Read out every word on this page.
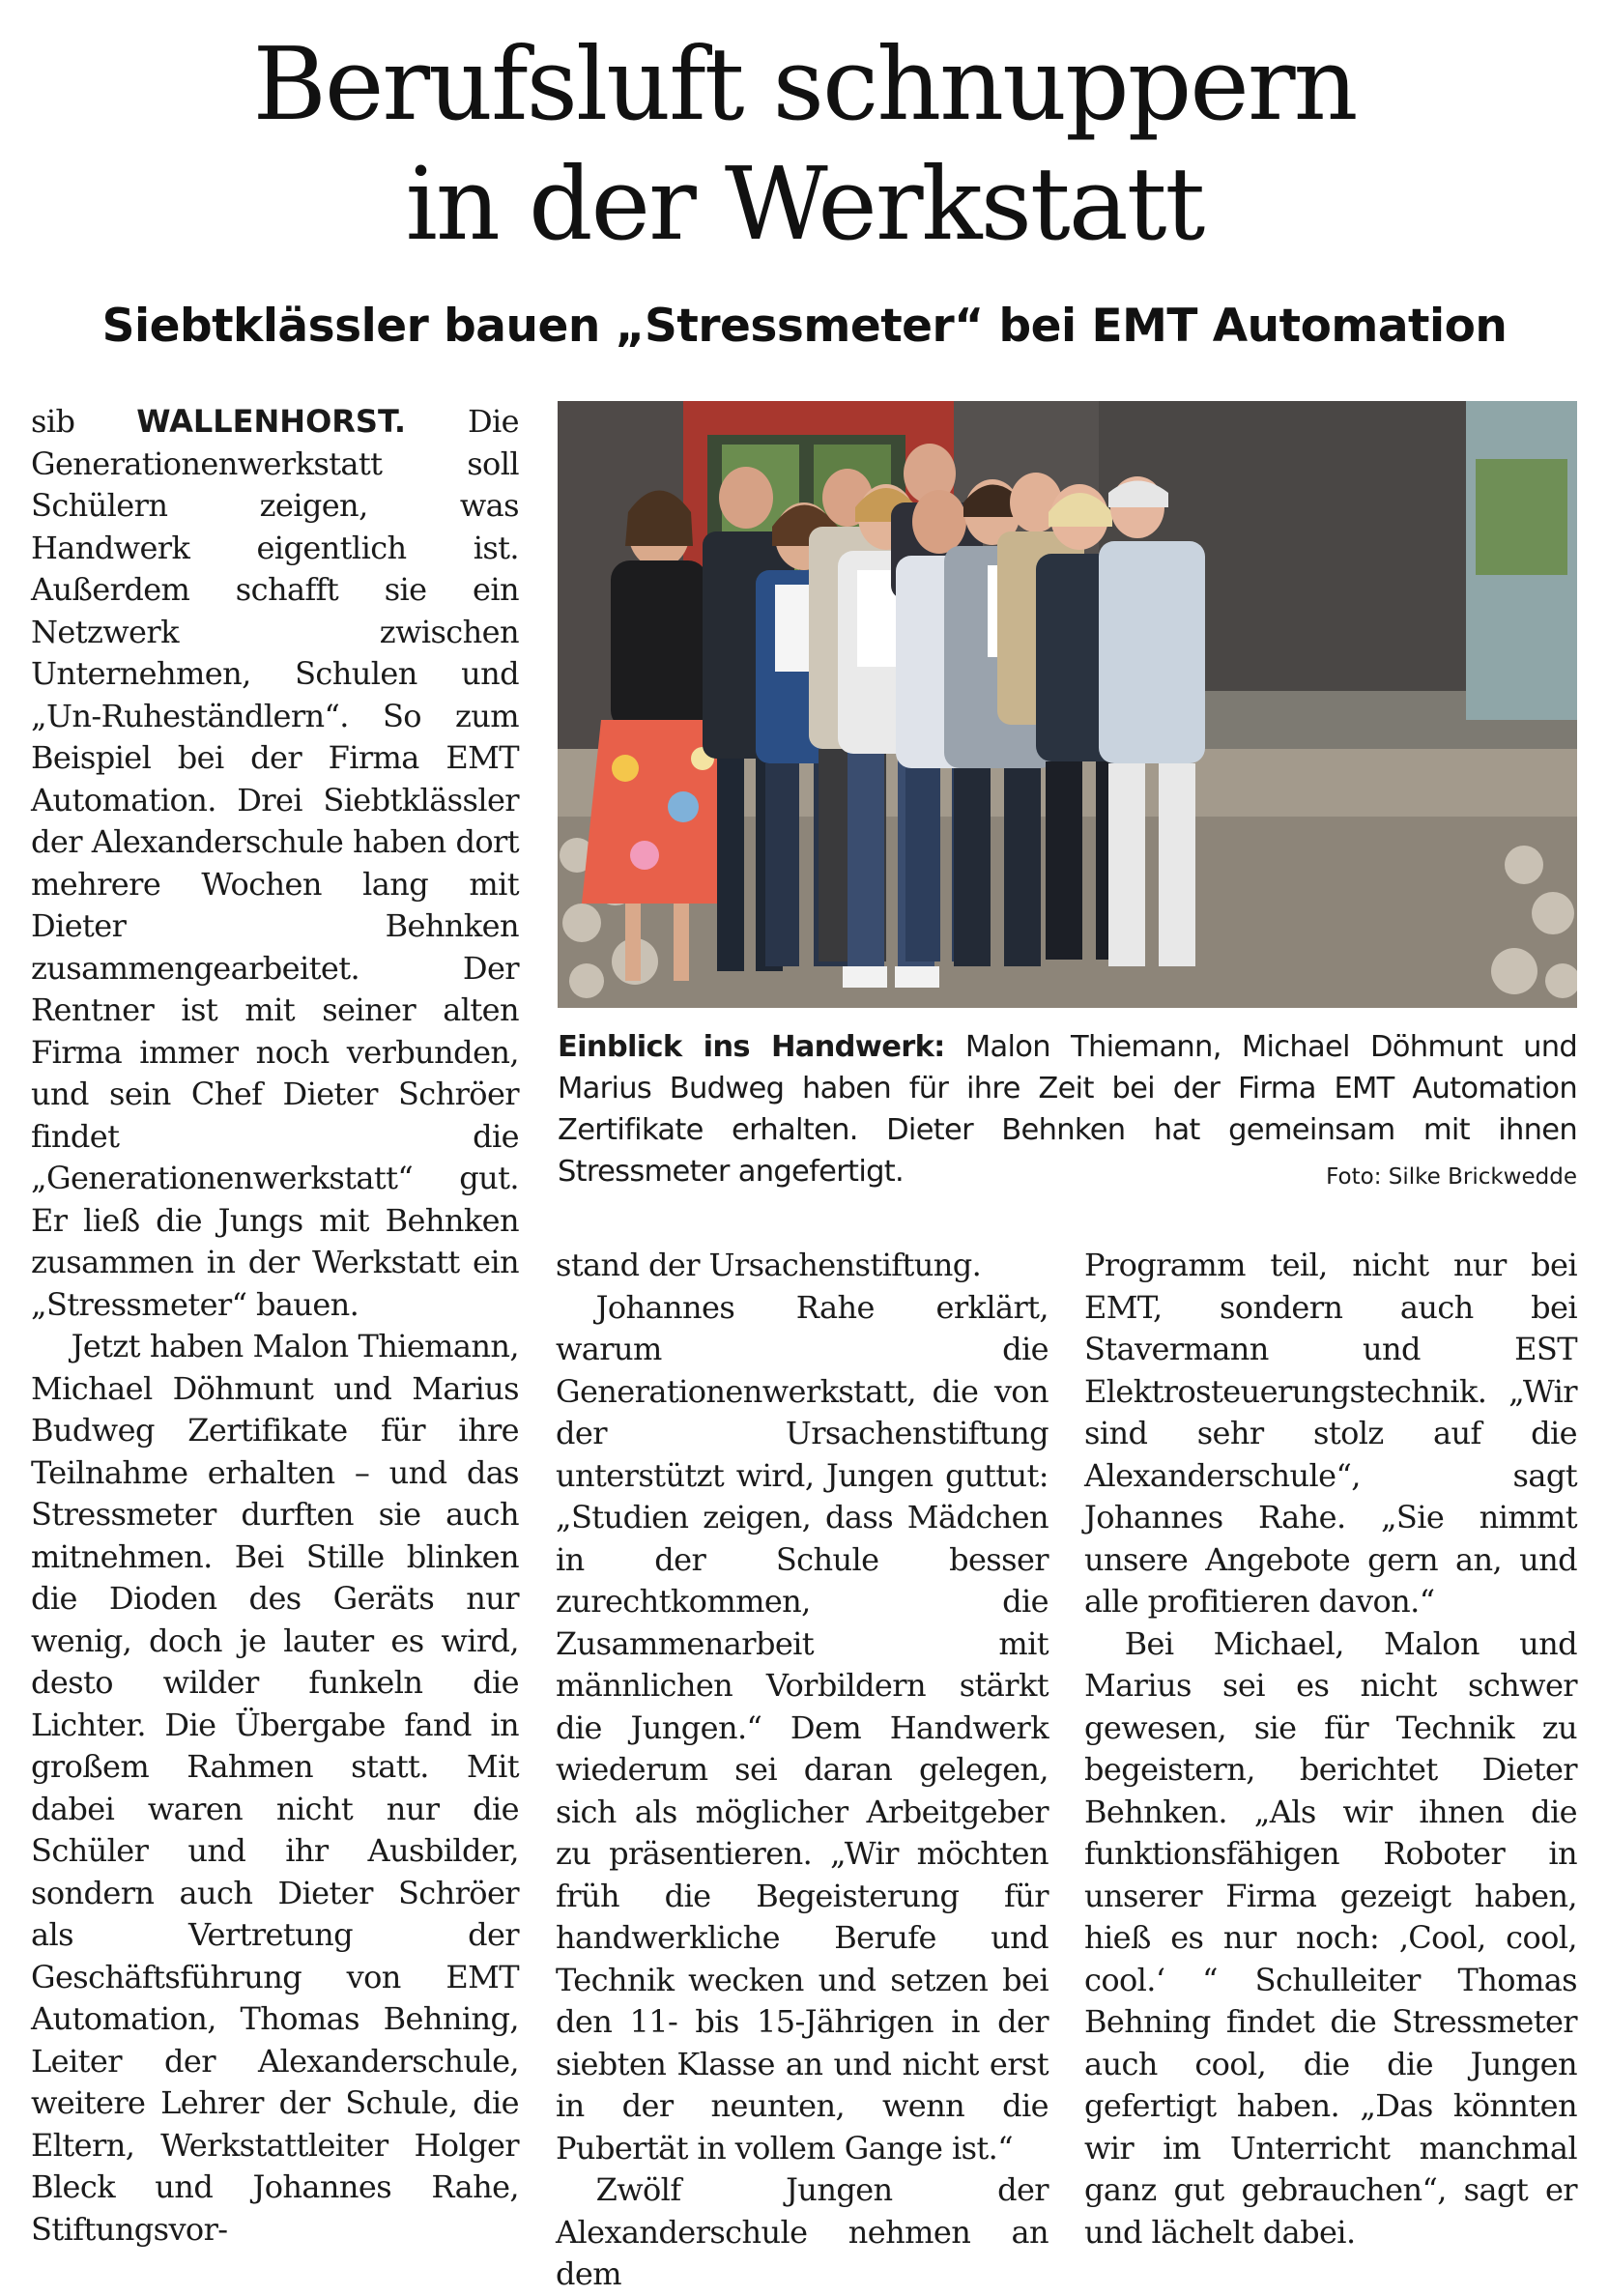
Berufsluft schnuppern
in der Werkstatt
Siebtklässler bauen „Stressmeter“ bei EMT Automation

sib WALLENHORST. Die Generationenwerkstatt soll Schülern zeigen, was Handwerk eigentlich ist. Außerdem schafft sie ein Netzwerk zwischen Unternehmen, Schulen und „Un-Ruheständlern“. So zum Beispiel bei der Firma EMT Automation. Drei Siebtklässler der Alexanderschule haben dort mehrere Wochen lang mit Dieter Behnken zusammengearbeitet. Der Rentner ist mit seiner alten Firma immer noch verbunden, und sein Chef Dieter Schröer findet die „Generationenwerkstatt“ gut. Er ließ die Jungs mit Behnken zusammen in der Werkstatt ein „Stressmeter“ bauen.

Jetzt haben Malon Thiemann, Michael Döhmunt und Marius Budweg Zertifikate für ihre Teilnahme erhalten – und das Stressmeter durften sie auch mitnehmen. Bei Stille blinken die Dioden des Geräts nur wenig, doch je lauter es wird, desto wilder funkeln die Lichter. Die Übergabe fand in großem Rahmen statt. Mit dabei waren nicht nur die Schüler und ihr Ausbilder, sondern auch Dieter Schröer als Vertretung der Geschäftsführung von EMT Automation, Thomas Behning, Leiter der Alexanderschule, weitere Lehrer der Schule, die Eltern, Werkstattleiter Holger Bleck und Johannes Rahe, Stiftungsvor-

Einblick ins Handwerk: Malon Thiemann, Michael Döhmunt und Marius Budweg haben für ihre Zeit bei der Firma EMT Automation Zertifikate erhalten. Dieter Behnken hat gemeinsam mit ihnen Stressmeter angefertigt.	Foto: Silke Brickwedde

stand der Ursachenstiftung.

Johannes Rahe erklärt, warum die Generationenwerkstatt, die von der Ursachenstiftung unterstützt wird, Jungen guttut: „Studien zeigen, dass Mädchen in der Schule besser zurechtkommen, die Zusammenarbeit mit männlichen Vorbildern stärkt die Jungen.“ Dem Handwerk wiederum sei daran gelegen, sich als möglicher Arbeitgeber zu präsentieren. „Wir möchten früh die Begeisterung für handwerkliche Berufe und Technik wecken und setzen bei den 11- bis 15-Jährigen in der siebten Klasse an und nicht erst in der neunten, wenn die Pubertät in vollem Gange ist.“

Zwölf Jungen der Alexanderschule nehmen an dem

Programm teil, nicht nur bei EMT, sondern auch bei Stavermann und EST Elektrosteuerungstechnik. „Wir sind sehr stolz auf die Alexanderschule“, sagt Johannes Rahe. „Sie nimmt unsere Angebote gern an, und alle profitieren davon.“

Bei Michael, Malon und Marius sei es nicht schwer gewesen, sie für Technik zu begeistern, berichtet Dieter Behnken. „Als wir ihnen die funktionsfähigen Roboter in unserer Firma gezeigt haben, hieß es nur noch: ‚Cool, cool, cool.‘ “ Schulleiter Thomas Behning findet die Stressmeter auch cool, die die Jungen gefertigt haben. „Das könnten wir im Unterricht manchmal ganz gut gebrauchen“, sagt er und lächelt dabei.
